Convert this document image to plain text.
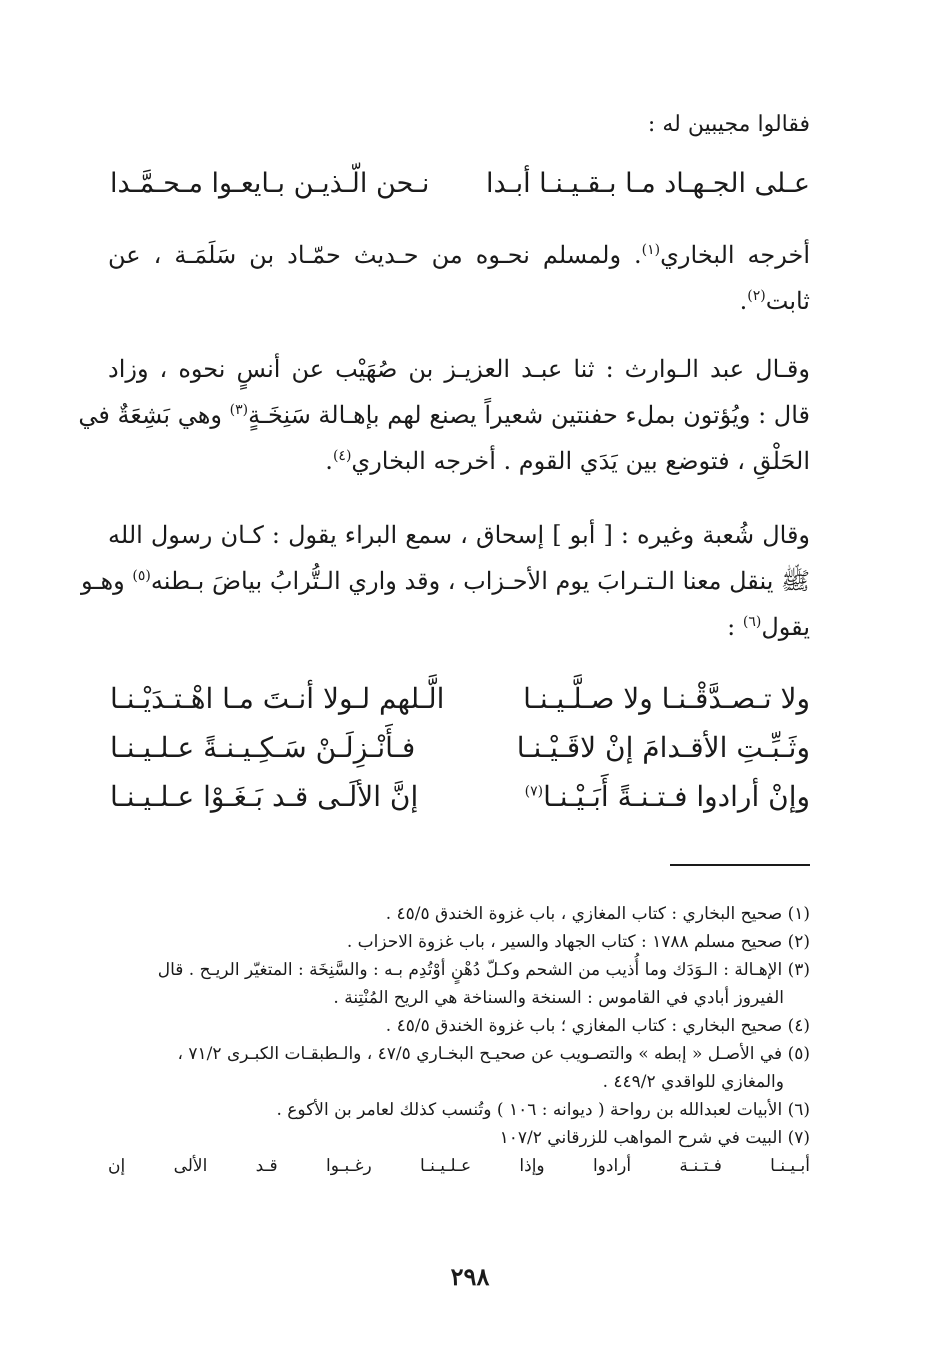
فقالوا مجيبين له :
نـحن الّـذيـن بـايعـوا مـحـمَّـدا عـلى الجـهـاد مـا بـقـيـنـا أبـدا
أخرجه البخاري$^{(١)}$. ولمسلم نحـوه من حـديث حمّـاد بن سَلَمَـة ، عن
ثابت$^{(٢)}$.
وقـال عبد الـوارث : ثنا عبـد العزيـز بن صُهَيْب عن أنسٍ نحوه ، وزاد
قال : ويُؤتون بملء حفنتين شعيراً يصنع لهم بإهـالة سَنِخَـةٍ$^{(٣)}$ وهي بَشِعَةٌ في
الحَلْقِ ، فتوضع بين يَدَي القوم . أخرجه البخاري$^{(٤)}$.
وقال شُعبة وغيره : [ أبو ] إسحاق ، سمع البراء يقول : كـان رسول الله
ﷺ ينقل معنا الـتـرابَ يوم الأحـزاب ، وقد واري الـتُّرابُ بياضَ بـطنه$^{(٥)}$ وهـو
يقول$^{(٦)}$ :
الَّـلهم لـولا أنـتَ مـا اهْـتـدَيْـنـا	ولا تـصـدَّقْـنـا ولا صـلَّـيـنـا
فـأَنْـزِلَـنْ سَـكِـيـنـةً عـلـيـنـا	وثَـبِّـتِ الأقـدامَ إنْ لاقَـيْـنـا
إنَّ الألَـى قـد بَـغَـوْا عـلـيـنـا	وإنْ أرادوا فـتـنـةً أَبَـيْـنـا$^{(٧)}$
(١) صحيح البخاري : كتاب المغازي ، باب غزوة الخندق ٤٥/٥ .
(٢) صحيح مسلم ١٧٨٨ : كتاب الجهاد والسير ، باب غزوة الاحزاب .
(٣) الإهـالة : الـوَدَك وما أُذيب من الشحم وكـلّ دُهْنٍ أوْتُدِم بـه : والسَّنِخَة : المتغيّر الريـح . قال
الفيروز أبادي في القاموس : السنخة والسناخة هي الريح المُنْتِنة .
(٤) صحيح البخاري : كتاب المغازي ؛ باب غزوة الخندق ٤٥/٥ .
(٥) في الأصـل « إبطه » والتصـويب عن صحيـح البخـاري ٤٧/٥ ، والـطبقـات الكبـرى ٧١/٢ ،
والمغازي للواقدي ٤٤٩/٢ .
(٦) الأبيات لعبدالله بن رواحة ( ديوانه : ١٠٦ ) وتُنسب كذلك لعامر بن الأكوع .
(٧) البيت في شرح المواهب للزرقاني ١٠٧/٢
إن	الألى	قـد	رغـبـوا	عـلـيـنـا	وإذا	أرادوا	فـتـنـة	أبـيـنـا
٢٩٨
